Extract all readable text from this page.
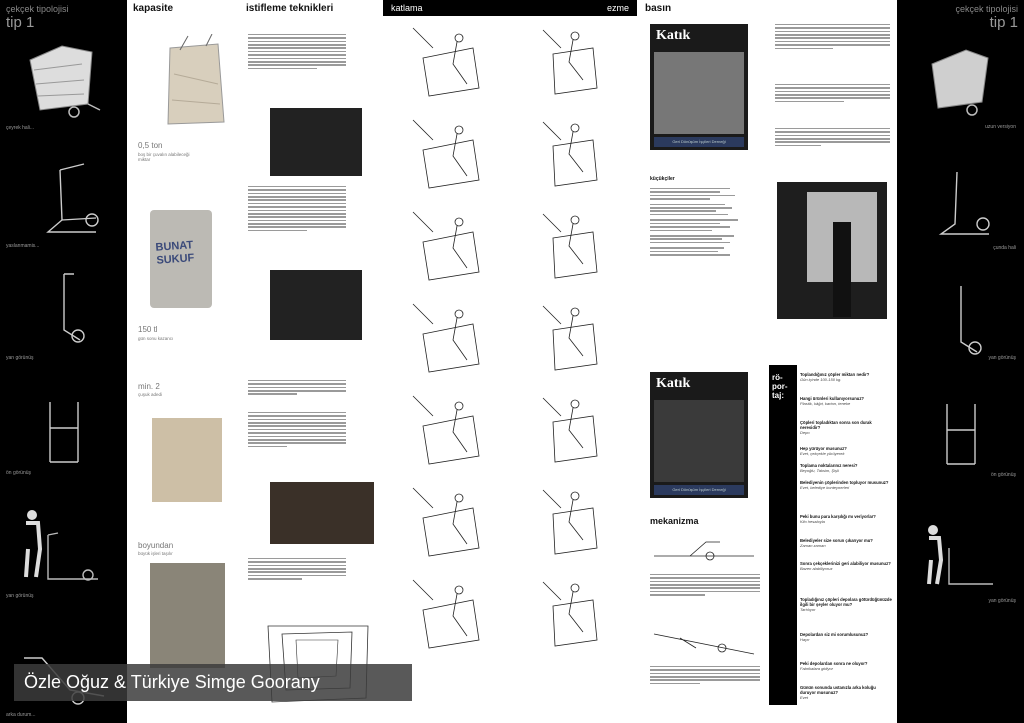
çekçek tipolojisi
tip 1
çeyrek hali...
yaslanmamis...
yan görünüş
ön görünüş
yan görünüş
arka durum...
kapasite	istifleme teknikleri	katlama	ezme basın
0,5 ton
boş bir çuvalın alabileceği miktar
BUNAT SUKUF
150 tl
gün sonu kazancı
min. 2
çuşuk adedi
boyundan
büyük işleri taşılır
Katık
Geri Dönüşüm İşçileri Derneği
küçükçiler
Katık
Geri Dönüşüm İşçileri Derneği
mekanizma
rö-
por-
taj:
Toplandığınız çöpler miktarı nedir?
Gün içinde 100-150 kg.
Hangi ürünleri kullanıyorsunuz?
Plastik, kâğıt, karton, teneke
Çöpleri topladıktan sonra son durak neresidir?
Depo
Hep yürüyor musunuz?
Evet, çekçekle yürüyerek
Toplama noktalarınız neresi?
Beyoğlu, Taksim, Şişli
Belediyenin çöplerinden topluyor musunuz?
Evet, belediye konteynerleri
Peki bunu para karşılığı mı veriyorlar?
Kilo hesabıyla
Belediyeler size sorun çıkarıyor mu?
Zaman zaman
Sonra çekçeklerinizi geri alabiliyor musunuz?
Bazen alabiliyoruz
Topladığınız çöpleri depolara götürdüğünüzde ilgili bir şeyler oluyor mu?
Tartılıyor
Depolardan siz mi sorumlusunuz?
Hayır
Peki depolardan sonra ne oluyor?
Fabrikalara gidiyor
Günün sonunda ustanızla arka koluğu duruyor musunuz?
Evet
çekçek tipolojisi
tip 1
uzun versiyon
çunda hali
yan görünüş
ön görünüş
yan görünüş
Özle Oğuz & Türkiye Simge Goorany
